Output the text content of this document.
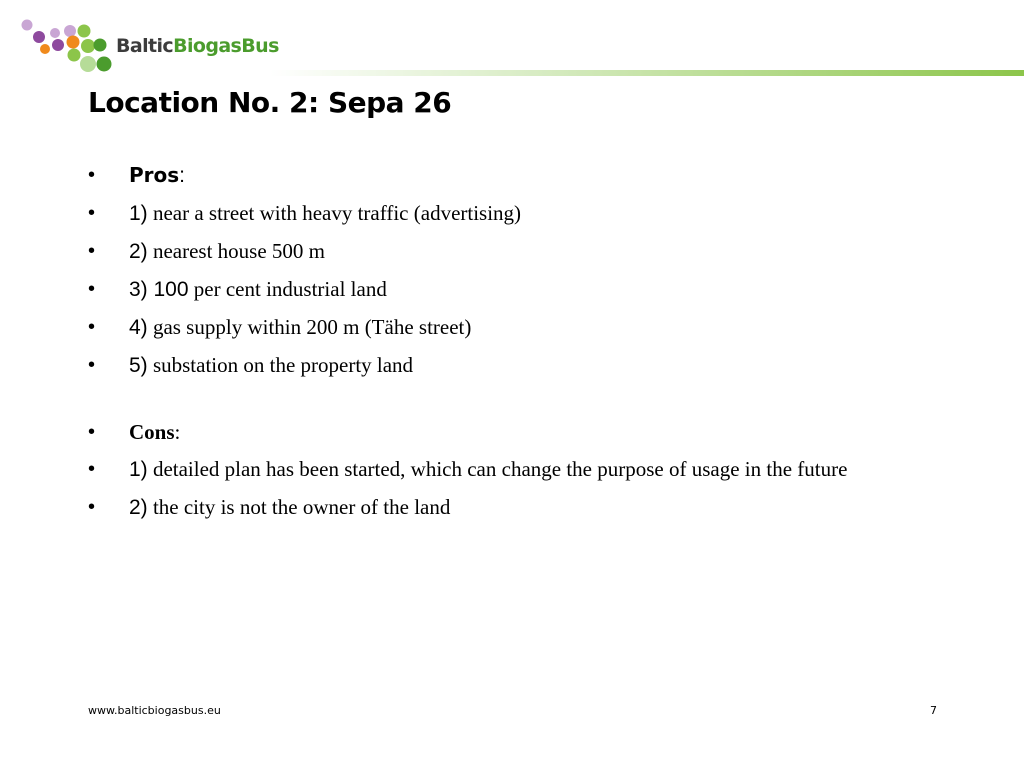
BalticBiogasBus
Location No. 2: Sepa 26
• Pros:
• 1) near a street with heavy traffic (advertising)
• 2) nearest house 500 m
• 3) 100 per cent industrial land
• 4) gas supply within 200 m (Tähe street)
• 5) substation on the property land
• Cons:
• 1) detailed plan has been started, which can change the purpose of usage in the future
• 2) the city is not the owner of the land
www.balticbiogasbus.eu	7
